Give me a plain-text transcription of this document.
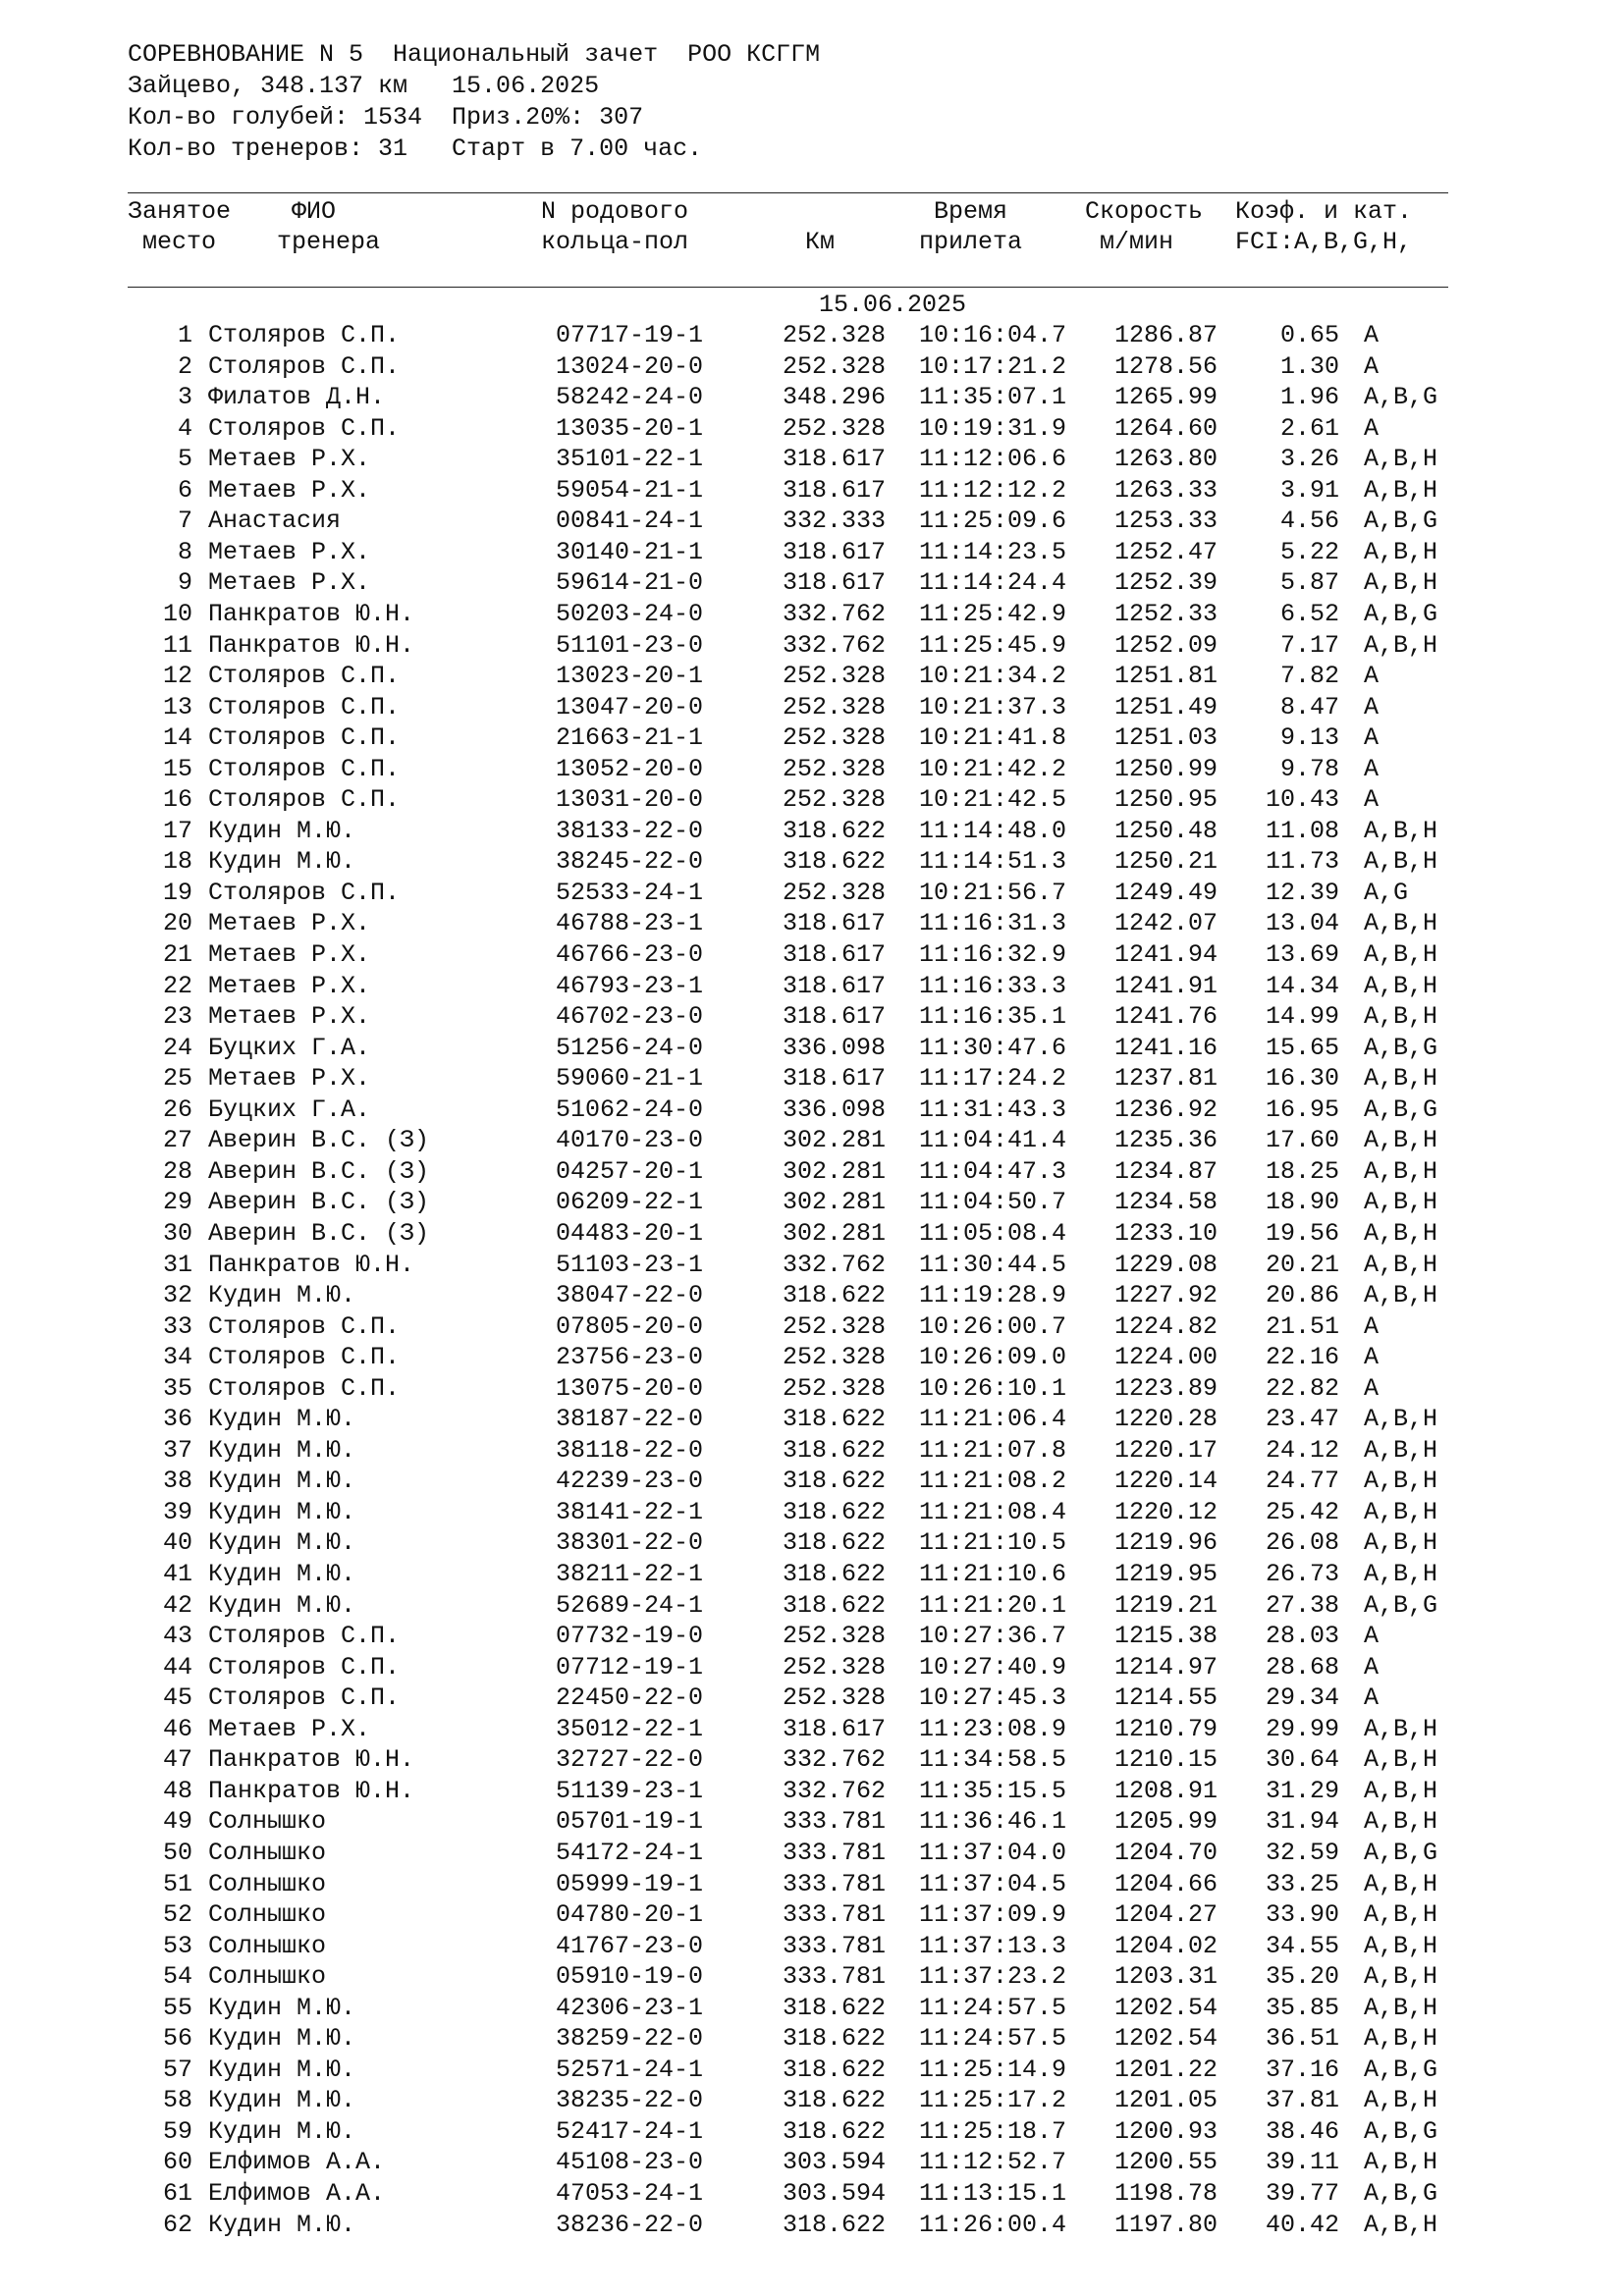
СОРЕВНОВАНИЕ N 5  Национальный зачет  РОО КСГГМ
Зайцево, 348.137 км   15.06.2025
Кол-во голубей: 1534  Приз.20%: 307
Кол-во тренеров: 31   Старт в 7.00 час.
Занятое
место
ФИО
тренера
N родового
кольца-пол	Км
Время
прилета
Скорость
м/мин
Коэф. и кат.
FCI:A,B,G,H,
15.06.2025
1 Столяров С.П.	07717-19-1	252.328 10:16:04.7 1286.87	0.65 A
2 Столяров С.П.	13024-20-0	252.328 10:17:21.2 1278.56	1.30 A
3 Филатов Д.Н.	58242-24-0	348.296 11:35:07.1 1265.99	1.96 A,B,G
4 Столяров С.П.	13035-20-1	252.328 10:19:31.9 1264.60	2.61 A
5 Метаев Р.Х.	35101-22-1	318.617 11:12:06.6 1263.80	3.26 A,B,H
6 Метаев Р.Х.	59054-21-1	318.617 11:12:12.2 1263.33	3.91 A,B,H
7 Анастасия	00841-24-1	332.333 11:25:09.6 1253.33	4.56 A,B,G
8 Метаев Р.Х.	30140-21-1	318.617 11:14:23.5 1252.47	5.22 A,B,H
9 Метаев Р.Х.	59614-21-0	318.617 11:14:24.4 1252.39	5.87 A,B,H
10 Панкратов Ю.Н.	50203-24-0	332.762 11:25:42.9 1252.33	6.52 A,B,G
11 Панкратов Ю.Н.	51101-23-0	332.762 11:25:45.9 1252.09	7.17 A,B,H
12 Столяров С.П.	13023-20-1	252.328 10:21:34.2 1251.81	7.82 A
13 Столяров С.П.	13047-20-0	252.328 10:21:37.3 1251.49	8.47 A
14 Столяров С.П.	21663-21-1	252.328 10:21:41.8 1251.03	9.13 A
15 Столяров С.П.	13052-20-0	252.328 10:21:42.2 1250.99	9.78 A
16 Столяров С.П.	13031-20-0	252.328 10:21:42.5 1250.95	10.43 A
17 Кудин М.Ю.	38133-22-0	318.622 11:14:48.0 1250.48	11.08 A,B,H
18 Кудин М.Ю.	38245-22-0	318.622 11:14:51.3 1250.21	11.73 A,B,H
19 Столяров С.П.	52533-24-1	252.328 10:21:56.7 1249.49	12.39 A,G
20 Метаев Р.Х.	46788-23-1	318.617 11:16:31.3 1242.07	13.04 A,B,H
21 Метаев Р.Х.	46766-23-0	318.617 11:16:32.9 1241.94	13.69 A,B,H
22 Метаев Р.Х.	46793-23-1	318.617 11:16:33.3 1241.91	14.34 A,B,H
23 Метаев Р.Х.	46702-23-0	318.617 11:16:35.1 1241.76	14.99 A,B,H
24 Буцких Г.А.	51256-24-0	336.098 11:30:47.6 1241.16	15.65 A,B,G
25 Метаев Р.Х.	59060-21-1	318.617 11:17:24.2 1237.81	16.30 A,B,H
26 Буцких Г.А.	51062-24-0	336.098 11:31:43.3 1236.92	16.95 A,B,G
27 Аверин В.С. (З)	40170-23-0	302.281 11:04:41.4 1235.36	17.60 A,B,H
28 Аверин В.С. (З)	04257-20-1	302.281 11:04:47.3 1234.87	18.25 A,B,H
29 Аверин В.С. (З)	06209-22-1	302.281 11:04:50.7 1234.58	18.90 A,B,H
30 Аверин В.С. (З)	04483-20-1	302.281 11:05:08.4 1233.10	19.56 A,B,H
31 Панкратов Ю.Н.	51103-23-1	332.762 11:30:44.5 1229.08	20.21 A,B,H
32 Кудин М.Ю.	38047-22-0	318.622 11:19:28.9 1227.92	20.86 A,B,H
33 Столяров С.П.	07805-20-0	252.328 10:26:00.7 1224.82	21.51 A
34 Столяров С.П.	23756-23-0	252.328 10:26:09.0 1224.00	22.16 A
35 Столяров С.П.	13075-20-0	252.328 10:26:10.1 1223.89	22.82 A
36 Кудин М.Ю.	38187-22-0	318.622 11:21:06.4 1220.28	23.47 A,B,H
37 Кудин М.Ю.	38118-22-0	318.622 11:21:07.8 1220.17	24.12 A,B,H
38 Кудин М.Ю.	42239-23-0	318.622 11:21:08.2 1220.14	24.77 A,B,H
39 Кудин М.Ю.	38141-22-1	318.622 11:21:08.4 1220.12	25.42 A,B,H
40 Кудин М.Ю.	38301-22-0	318.622 11:21:10.5 1219.96	26.08 A,B,H
41 Кудин М.Ю.	38211-22-1	318.622 11:21:10.6 1219.95	26.73 A,B,H
42 Кудин М.Ю.	52689-24-1	318.622 11:21:20.1 1219.21	27.38 A,B,G
43 Столяров С.П.	07732-19-0	252.328 10:27:36.7 1215.38	28.03 A
44 Столяров С.П.	07712-19-1	252.328 10:27:40.9 1214.97	28.68 A
45 Столяров С.П.	22450-22-0	252.328 10:27:45.3 1214.55	29.34 A
46 Метаев Р.Х.	35012-22-1	318.617 11:23:08.9 1210.79	29.99 A,B,H
47 Панкратов Ю.Н.	32727-22-0	332.762 11:34:58.5 1210.15	30.64 A,B,H
48 Панкратов Ю.Н.	51139-23-1	332.762 11:35:15.5 1208.91	31.29 A,B,H
49 Солнышко	05701-19-1	333.781 11:36:46.1 1205.99	31.94 A,B,H
50 Солнышко	54172-24-1	333.781 11:37:04.0 1204.70	32.59 A,B,G
51 Солнышко	05999-19-1	333.781 11:37:04.5 1204.66	33.25 A,B,H
52 Солнышко	04780-20-1	333.781 11:37:09.9 1204.27	33.90 A,B,H
53 Солнышко	41767-23-0	333.781 11:37:13.3 1204.02	34.55 A,B,H
54 Солнышко	05910-19-0	333.781 11:37:23.2 1203.31	35.20 A,B,H
55 Кудин М.Ю.	42306-23-1	318.622 11:24:57.5 1202.54	35.85 A,B,H
56 Кудин М.Ю.	38259-22-0	318.622 11:24:57.5 1202.54	36.51 A,B,H
57 Кудин М.Ю.	52571-24-1	318.622 11:25:14.9 1201.22	37.16 A,B,G
58 Кудин М.Ю.	38235-22-0	318.622 11:25:17.2 1201.05	37.81 A,B,H
59 Кудин М.Ю.	52417-24-1	318.622 11:25:18.7 1200.93	38.46 A,B,G
60 Елфимов А.А.	45108-23-0	303.594 11:12:52.7 1200.55	39.11 A,B,H
61 Елфимов А.А.	47053-24-1	303.594 11:13:15.1 1198.78	39.77 A,B,G
62 Кудин М.Ю.	38236-22-0	318.622 11:26:00.4 1197.80	40.42 A,B,H
